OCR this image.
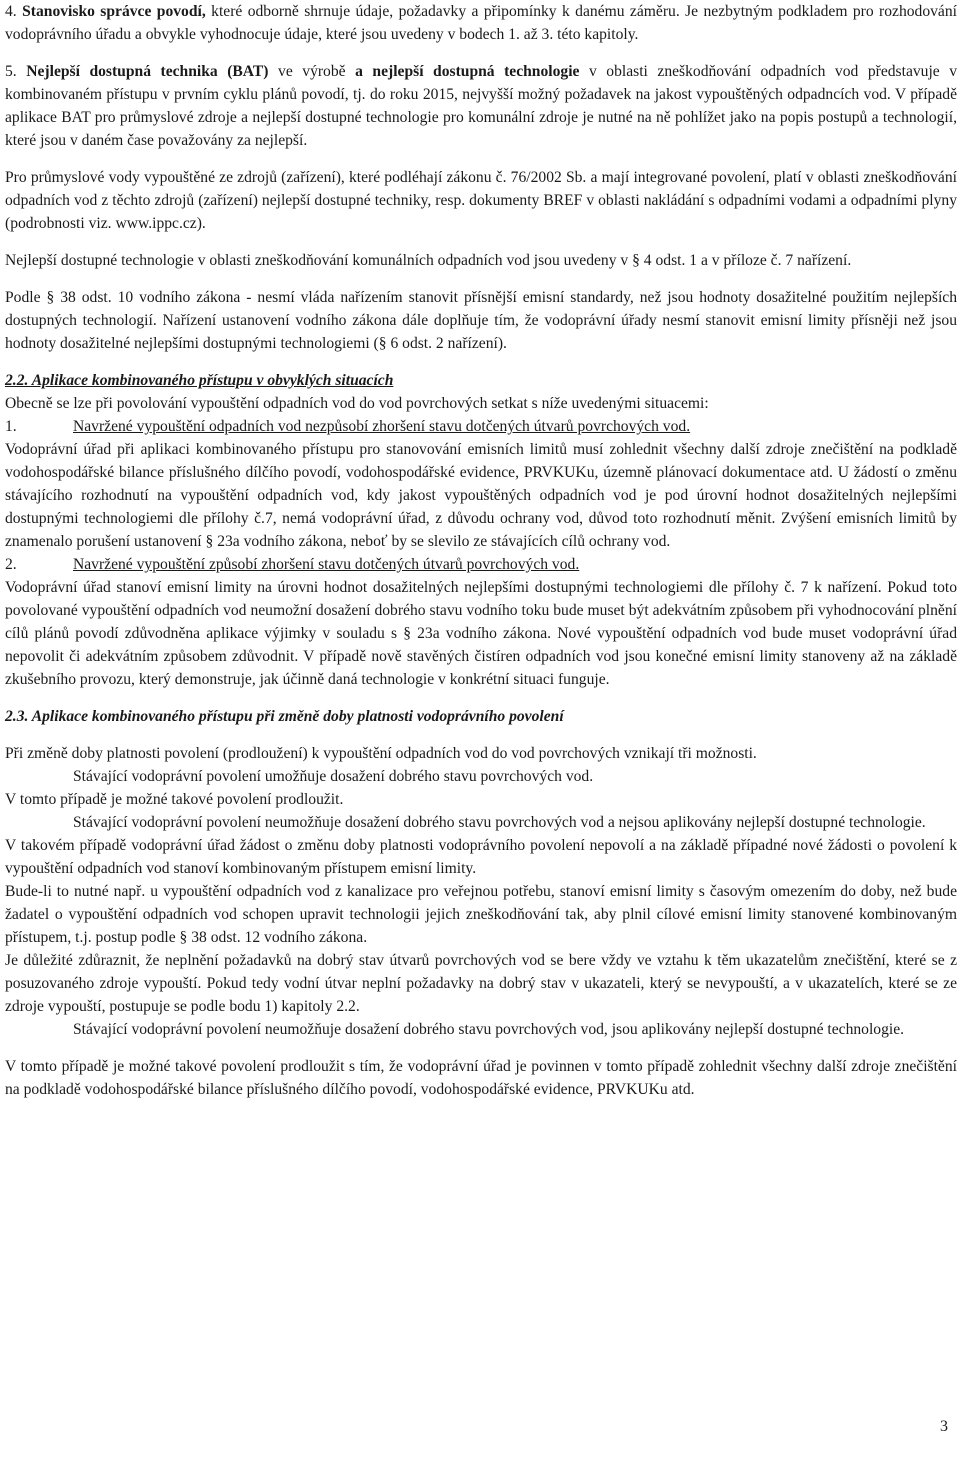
4. Stanovisko správce povodí, které odborně shrnuje údaje, požadavky a připomínky k danému záměru. Je nezbytným podkladem pro rozhodování vodoprávního úřadu a obvykle vyhodnocuje údaje, které jsou uvedeny v bodech 1. až 3. této kapitoly.

5. Nejlepší dostupná technika (BAT) ve výrobě a nejlepší dostupná technologie v oblasti zneškodňování odpadních vod představuje v kombinovaném přístupu v prvním cyklu plánů povodí, tj. do roku 2015, nejvyšší možný požadavek na jakost vypouštěných odpadncích vod. V případě aplikace BAT pro průmyslové zdroje a nejlepší dostupné technologie pro komunální zdroje je nutné na ně pohlížet jako na popis postupů a technologií, které jsou v daném čase považovány za nejlepší.

Pro průmyslové vody vypouštěné ze zdrojů (zařízení), které podléhají zákonu č. 76/2002 Sb. a mají integrované povolení, platí v oblasti zneškodňování odpadních vod z těchto zdrojů (zařízení) nejlepší dostupné techniky, resp. dokumenty BREF v oblasti nakládání s odpadními vodami a odpadními plyny (podrobnosti viz. www.ippc.cz).

Nejlepší dostupné technologie v oblasti zneškodňování komunálních odpadních vod jsou uvedeny v § 4 odst. 1 a v příloze č. 7 nařízení.

Podle § 38 odst. 10 vodního zákona - nesmí vláda nařízením stanovit přísnější emisní standardy, než jsou hodnoty dosažitelné použitím nejlepších dostupných technologií. Nařízení ustanovení vodního zákona dále doplňuje tím, že vodoprávní úřady nesmí stanovit emisní limity přísněji než jsou hodnoty dosažitelné nejlepšími dostupnými technologiemi (§ 6 odst. 2 nařízení).

2.2. Aplikace kombinovaného přístupu v obvyklých situacích

Obecně se lze při povolování vypouštění odpadních vod do vod povrchových setkat s níže uvedenými situacemi:

1.	Navržené vypouštění odpadních vod nezpůsobí zhoršení stavu dotčených útvarů povrchových vod.

Vodoprávní úřad při aplikaci kombinovaného přístupu pro stanovování emisních limitů musí zohlednit všechny další zdroje znečištění na podkladě vodohospodářské bilance příslušného dílčího povodí, vodohospodářské evidence, PRVKUKu, územně plánovací dokumentace atd. U žádostí o změnu stávajícího rozhodnutí na vypouštění odpadních vod, kdy jakost vypouštěných odpadních vod je pod úrovní hodnot dosažitelných nejlepšími dostupnými technologiemi dle přílohy č.7, nemá vodoprávní úřad, z důvodu ochrany vod, důvod toto rozhodnutí měnit. Zvýšení emisních limitů by znamenalo porušení ustanovení § 23a vodního zákona, neboť by se slevilo ze stávajících cílů ochrany vod.

2.	Navržené vypouštění způsobí zhoršení stavu dotčených útvarů povrchových vod.

Vodoprávní úřad stanoví emisní limity na úrovni hodnot dosažitelných nejlepšími dostupnými technologiemi dle přílohy č. 7 k nařízení. Pokud toto povolované vypouštění odpadních vod neumožní dosažení dobrého stavu vodního toku bude muset být adekvátním způsobem při vyhodnocování plnění cílů plánů povodí zdůvodněna aplikace výjimky v souladu s § 23a vodního zákona. Nové vypouštění odpadních vod bude muset vodoprávní úřad nepovolit či adekvátním způsobem zdůvodnit. V případě nově stavěných čistíren odpadních vod jsou konečné emisní limity stanoveny až na základě zkušebního provozu, který demonstruje, jak účinně daná technologie v konkrétní situaci funguje.

2.3. Aplikace kombinovaného přístupu při změně doby platnosti vodoprávního povolení

Při změně doby platnosti povolení (prodloužení) k vypouštění odpadních vod do vod povrchových vznikají tři možnosti.

Stávající vodoprávní povolení umožňuje dosažení dobrého stavu povrchových vod.

V tomto případě je možné takové povolení prodloužit.

Stávající vodoprávní povolení neumožňuje dosažení dobrého stavu povrchových vod a nejsou aplikovány nejlepší dostupné technologie.

V takovém případě vodoprávní úřad žádost o změnu doby platnosti vodoprávního povolení nepovolí a na základě případné nové žádosti o povolení k vypouštění odpadních vod stanoví kombinovaným přístupem emisní limity.

Bude-li to nutné např. u vypouštění odpadních vod z kanalizace pro veřejnou potřebu, stanoví emisní limity s časovým omezením do doby, než bude žadatel o vypouštění odpadních vod schopen upravit technologii jejich zneškodňování tak, aby plnil cílové emisní limity stanovené kombinovaným přístupem, t.j. postup podle § 38 odst. 12 vodního zákona.

Je důležité zdůraznit, že neplnění požadavků na dobrý stav útvarů povrchových vod se bere vždy ve vztahu k těm ukazatelům znečištění, které se z posuzovaného zdroje vypouští. Pokud tedy vodní útvar neplní požadavky na dobrý stav v ukazateli, který se nevypouští, a v ukazatelích, které se ze zdroje vypouští, postupuje se podle bodu 1) kapitoly 2.2.

Stávající vodoprávní povolení neumožňuje dosažení dobrého stavu povrchových vod, jsou aplikovány nejlepší dostupné technologie.

V tomto případě je možné takové povolení prodloužit s tím, že vodoprávní úřad je povinnen v tomto případě zohlednit všechny další zdroje znečištění na podkladě vodohospodářské bilance příslušného dílčího povodí, vodohospodářské evidence, PRVKUKu atd.

3
